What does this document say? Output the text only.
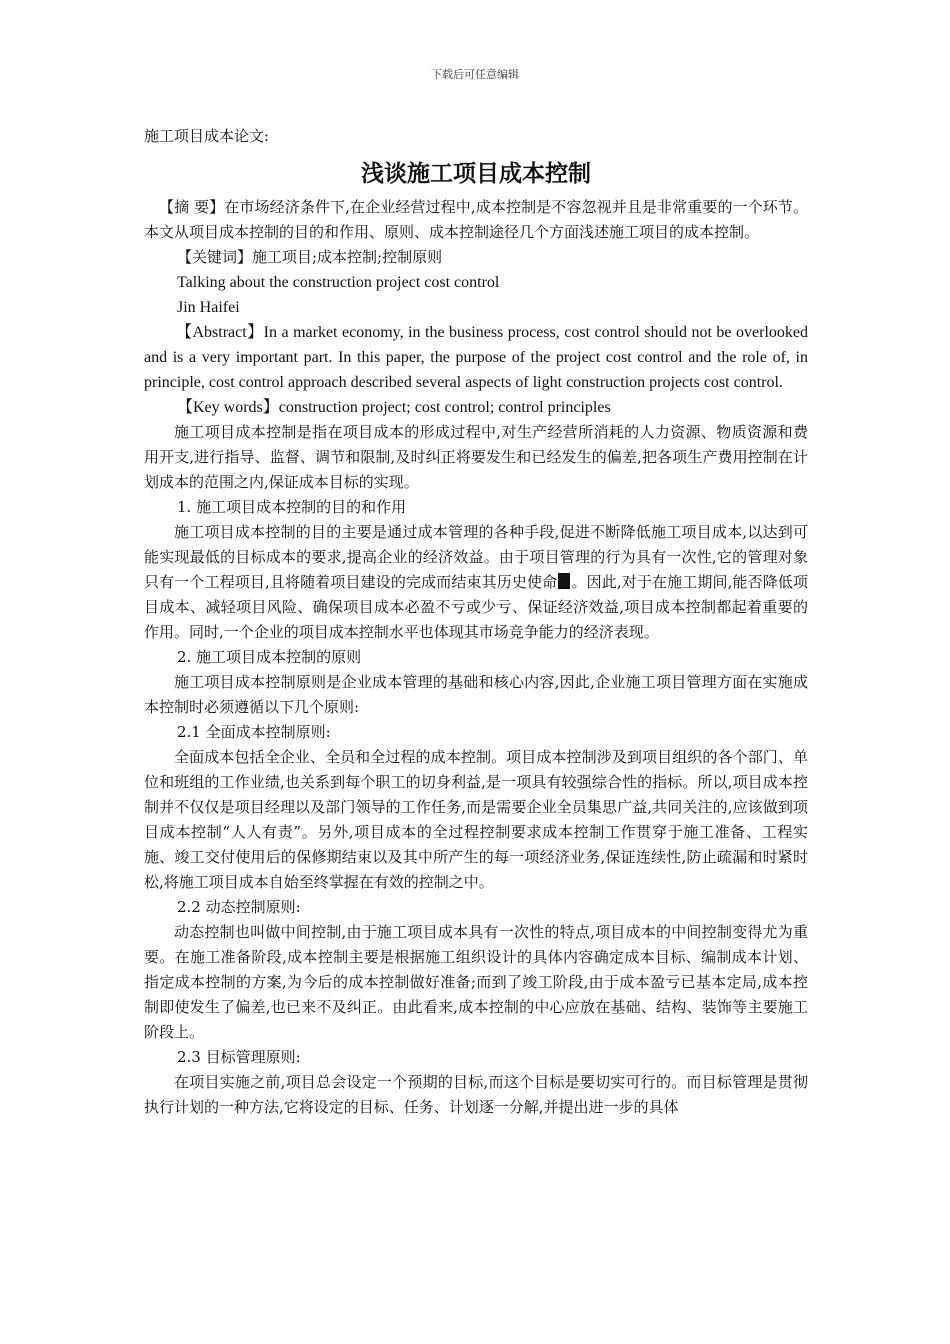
下载后可任意编辑

施工项目成本论文:

浅谈施工项目成本控制

【摘 要】在市场经济条件下,在企业经营过程中,成本控制是不容忽视并且是非常重要的一个环节。本文从项目成本控制的目的和作用、原则、成本控制途径几个方面浅述施工项目的成本控制。

【关键词】施工项目;成本控制;控制原则

Talking about the construction project cost control

Jin Haifei

【Abstract】In a market economy, in the business process, cost control should not be overlooked and is a very important part. In this paper, the purpose of the project cost control and the role of, in principle, cost control approach described several aspects of light construction projects cost control.

【Key words】construction project; cost control; control principles

施工项目成本控制是指在项目成本的形成过程中,对生产经营所消耗的人力资源、物质资源和费用开支,进行指导、监督、调节和限制,及时纠正将要发生和已经发生的偏差,把各项生产费用控制在计划成本的范围之内,保证成本目标的实现。

1. 施工项目成本控制的目的和作用

施工项目成本控制的目的主要是通过成本管理的各种手段,促进不断降低施工项目成本,以达到可能实现最低的目标成本的要求,提高企业的经济效益。由于项目管理的行为具有一次性,它的管理对象只有一个工程项目,且将随着项目建设的完成而结束其历史使命 。因此,对于在施工期间,能否降低项目成本、减轻项目风险、确保项目成本必盈不亏或少亏、保证经济效益,项目成本控制都起着重要的作用。同时,一个企业的项目成本控制水平也体现其市场竞争能力的经济表现。

2. 施工项目成本控制的原则

施工项目成本控制原则是企业成本管理的基础和核心内容,因此,企业施工项目管理方面在实施成本控制时必须遵循以下几个原则:

2.1 全面成本控制原则:

全面成本包括全企业、全员和全过程的成本控制。项目成本控制涉及到项目组织的各个部门、单位和班组的工作业绩,也关系到每个职工的切身利益,是一项具有较强综合性的指标。所以,项目成本控制并不仅仅是项目经理以及部门领导的工作任务,而是需要企业全员集思广益,共同关注的,应该做到项目成本控制“人人有责”。另外,项目成本的全过程控制要求成本控制工作贯穿于施工准备、工程实施、竣工交付使用后的保修期结束以及其中所产生的每一项经济业务,保证连续性,防止疏漏和时紧时松,将施工项目成本自始至终掌握在有效的控制之中。

2.2 动态控制原则:

动态控制也叫做中间控制,由于施工项目成本具有一次性的特点,项目成本的中间控制变得尤为重要。在施工准备阶段,成本控制主要是根据施工组织设计的具体内容确定成本目标、编制成本计划、指定成本控制的方案,为今后的成本控制做好准备;而到了竣工阶段,由于成本盈亏已基本定局,成本控制即使发生了偏差,也已来不及纠正。由此看来,成本控制的中心应放在基础、结构、装饰等主要施工阶段上。

2.3 目标管理原则:

在项目实施之前,项目总会设定一个预期的目标,而这个目标是要切实可行的。而目标管理是贯彻执行计划的一种方法,它将设定的目标、任务、计划逐一分解,并提出进一步的具体
